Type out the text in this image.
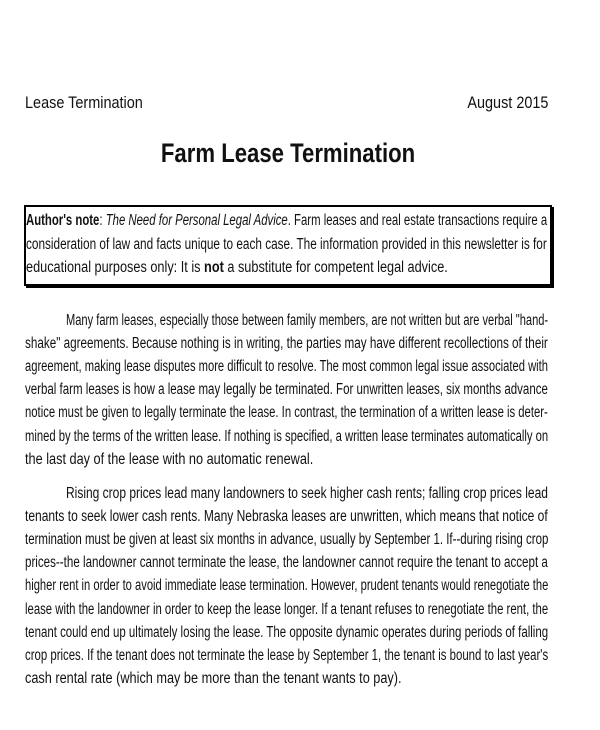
Lease Termination	August 2015
Farm Lease Termination
Author's note: The Need for Personal Legal Advice. Farm leases and real estate transactions require a
consideration of law and facts unique to each case. The information provided in this newsletter is for
educational purposes only: It is not a substitute for competent legal advice.
Many farm leases, especially those between family members, are not written but are verbal "hand-
shake" agreements. Because nothing is in writing, the parties may have different recollections of their
agreement, making lease disputes more difficult to resolve. The most common legal issue associated with
verbal farm leases is how a lease may legally be terminated. For unwritten leases, six months advance
notice must be given to legally terminate the lease. In contrast, the termination of a written lease is deter-
mined by the terms of the written lease. If nothing is specified, a written lease terminates automatically on
the last day of the lease with no automatic renewal.
Rising crop prices lead many landowners to seek higher cash rents; falling crop prices lead
tenants to seek lower cash rents. Many Nebraska leases are unwritten, which means that notice of
termination must be given at least six months in advance, usually by September 1. If--during rising crop
prices--the landowner cannot terminate the lease, the landowner cannot require the tenant to accept a
higher rent in order to avoid immediate lease termination. However, prudent tenants would renegotiate the
lease with the landowner in order to keep the lease longer. If a tenant refuses to renegotiate the rent, the
tenant could end up ultimately losing the lease. The opposite dynamic operates during periods of falling
crop prices. If the tenant does not terminate the lease by September 1, the tenant is bound to last year's
cash rental rate (which may be more than the tenant wants to pay).
